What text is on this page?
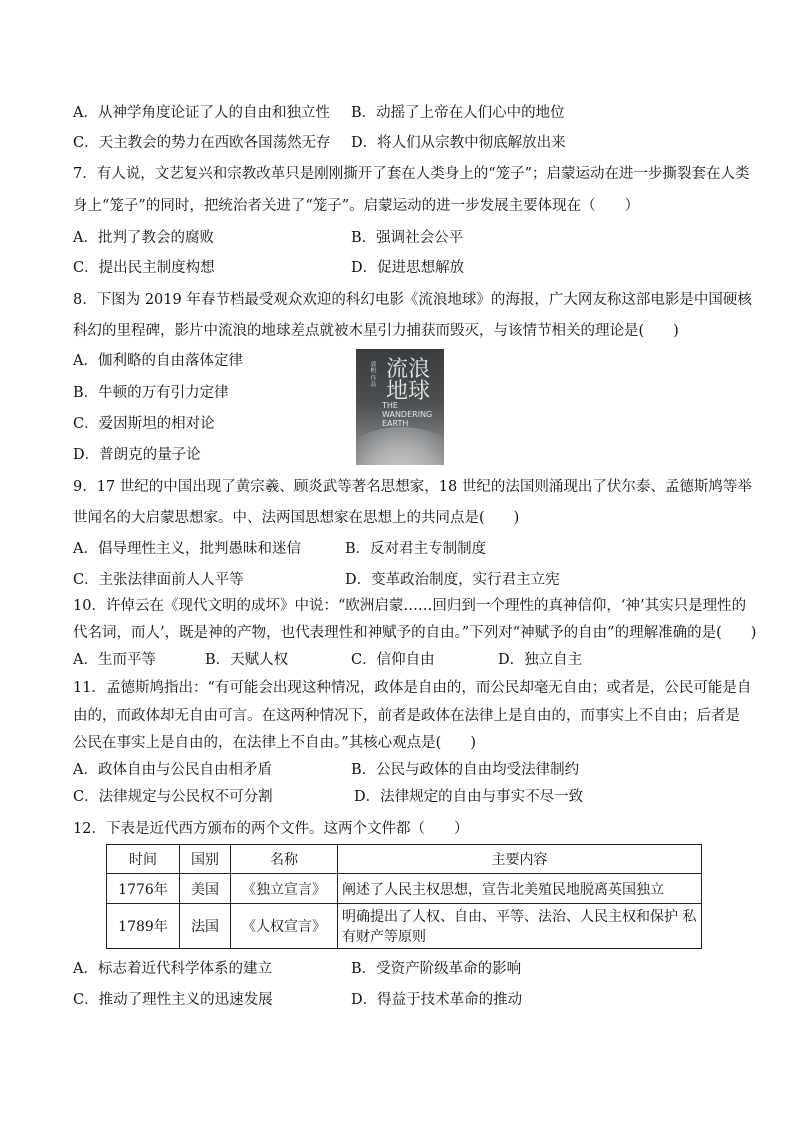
A．从神学角度论证了人的自由和独立性 B．动摇了上帝在人们心中的地位
C．天主教会的势力在西欧各国荡然无存 D．将人们从宗教中彻底解放出来
7．有人说，文艺复兴和宗教改革只是刚刚撕开了套在人类身上的“笼子”；启蒙运动在进一步撕裂套在人类
身上“笼子”的同时，把统治者关进了“笼子”。启蒙运动的进一步发展主要体现在（　　）
A．批判了教会的腐败	B．强调社会公平
C．提出民主制度构想	D．促进思想解放
8．下图为 2019 年春节档最受观众欢迎的科幻电影《流浪地球》的海报，广大网友称这部电影是中国硬核
科幻的里程碑，影片中流浪的地球差点就被木星引力捕获而毁灭，与该情节相关的理论是(　　)
A．伽利略的自由落体定律
B．牛顿的万有引力定律
C．爱因斯坦的相对论
D．普朗克的量子论
郭帆 作品 流浪地球
THE WANDERING EARTH
9．17 世纪的中国出现了黄宗羲、顾炎武等著名思想家，18 世纪的法国则涌现出了伏尔泰、孟德斯鸠等举
世闻名的大启蒙思想家。中、法两国思想家在思想上的共同点是(　　)
A．倡导理性主义，批判愚昧和迷信	B．反对君主专制制度
C．主张法律面前人人平等	D．变革政治制度，实行君主立宪
10．许倬云在《现代文明的成坏》中说：“欧洲启蒙……回归到一个理性的真神信仰，‘神’其实只是理性的
代名词，而人’，既是神的产物，也代表理性和神赋予的自由。”下列对“神赋予的自由”的理解准确的是(　　)
A．生而平等	B．天赋人权	C．信仰自由	D．独立自主
11．孟德斯鸠指出：“有可能会出现这种情况，政体是自由的，而公民却毫无自由；或者是，公民可能是自
由的，而政体却无自由可言。在这两种情况下，前者是政体在法律上是自由的，而事实上不自由；后者是
公民在事实上是自由的，在法律上不自由。”其核心观点是(　　)
A．政体自由与公民自由相矛盾	B．公民与政体的自由均受法律制约
C．法律规定与公民权不可分割	D．法律规定的自由与事实不尽一致
12．下表是近代西方颁布的两个文件。这两个文件都（　　）
时间	国别	名称	主要内容
1776年	美国	《独立宣言》	阐述了人民主权思想，宣告北美殖民地脱离英国独立
1789年	法国	《人权宣言》	明确提出了人权、自由、平等、法治、人民主权和保护 私有财产等原则
A．标志着近代科学体系的建立	B．受资产阶级革命的影响
C．推动了理性主义的迅速发展	D．得益于技术革命的推动
